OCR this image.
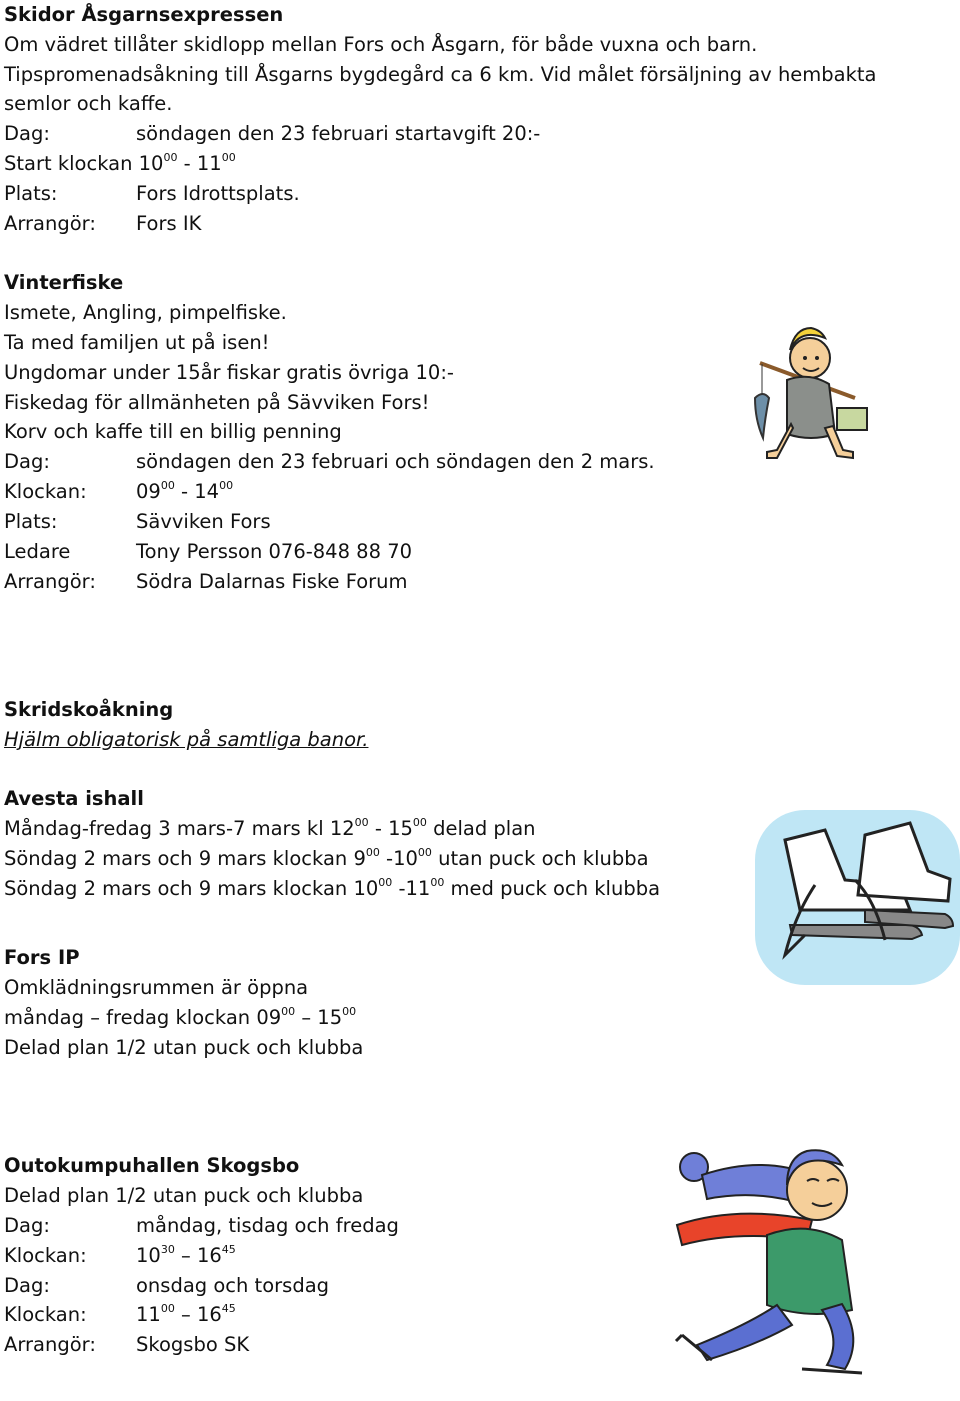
Skidor Åsgarnsexpressen
Om vädret tillåter skidlopp mellan Fors och Åsgarn, för både vuxna och barn.
Tipspromenadsåkning till Åsgarns bygdegård ca 6 km. Vid målet försäljning av hembakta
semlor och kaffe.
Dag:	söndagen den 23 februari startavgift 20:-
Start klockan $10^{00} - 11^{00}$
Plats:	Fors Idrottsplats.
Arrangör: Fors IK
Vinterfiske
Ismete, Angling, pimpelfiske.
Ta med familjen ut på isen!
Ungdomar under 15år fiskar gratis övriga 10:-
Fiskedag för allmänheten på Sävviken Fors!
Korv och kaffe till en billig penning
Dag:	söndagen den 23 februari och söndagen den 2 mars.
Klockan:	$09^{00} - 14^{00}$
Plats:	Sävviken Fors
Ledare	Tony Persson 076-848 88 70
Arrangör: Södra Dalarnas Fiske Forum
Skridskoåkning
Hjälm obligatorisk på samtliga banor.
Avesta ishall
Måndag-fredag 3 mars-7 mars kl $12^{00} - 15^{00}$ delad plan
Söndag 2 mars och 9 mars klockan $9^{00}$ $-10^{00}$ utan puck och klubba
Söndag 2 mars och 9 mars klockan $10^{00}$ $-11^{00}$ med puck och klubba
Fors IP
Omklädningsrummen är öppna
måndag – fredag klockan $09^{00} - 15^{00}$
Delad plan 1/2 utan puck och klubba
Outokumpuhallen Skogsbo
Delad plan 1/2 utan puck och klubba
Dag:	måndag, tisdag och fredag
Klockan:	$10^{30} - 16^{45}$
Dag:	onsdag och torsdag
Klockan:	$11^{00} - 16^{45}$
Arrangör: Skogsbo SK
